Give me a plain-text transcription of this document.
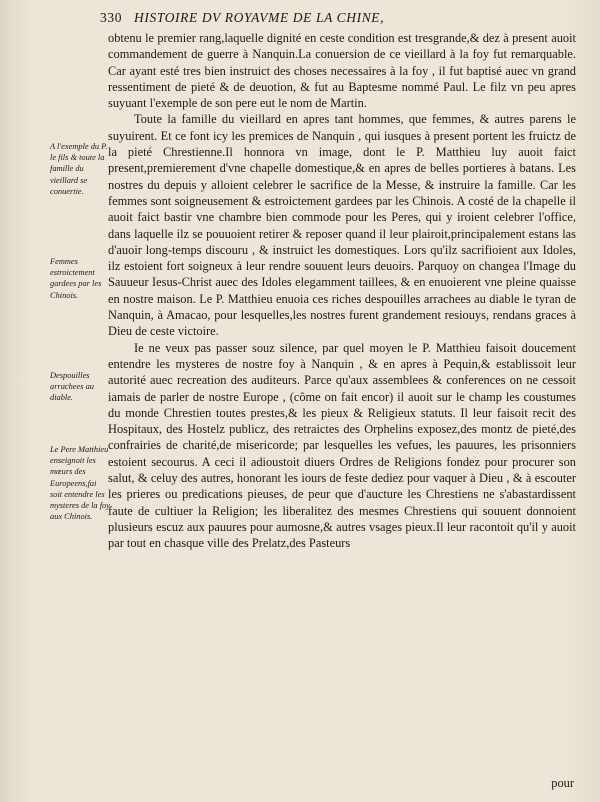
330 HISTOIRE DV ROYAVME DE LA CHINE,
A l'exemple du P. le fils & toute la famille du vieillard se conuertie.
Femmes estroictement gardees par les Chinois.
Despouilles arrachees au diable.
Le Pere Matthieu enseignoit les mœurs des Europeens,fai soit entendre les mysteres de la foy aux Chinois.

obtenu le premier rang,laquelle dignité en ceste condition est tresgrande,& dez à present auoit commandement de guerre à Nanquin.La conuersion de ce vieillard à la foy fut remarquable. Car ayant esté tres bien instruict des choses necessaires à la foy , il fut baptisé auec vn grand ressentiment de pieté & de deuotion, & fut au Baptesme nommé Paul. Le filz vn peu apres suyuant l'exemple de son pere eut le nom de Martin.

Toute la famille du vieillard en apres tant hommes, que femmes, & autres parens le suyuirent. Et ce font icy les premices de Nanquin , qui iusques à present portent les fruictz de la pieté Chrestienne.Il honnora vn image, dont le P. Matthieu luy auoit faict present,premierement d'vne chapelle domestique,& en apres de belles portieres à batans. Les nostres du depuis y alloient celebrer le sacrifice de la Messe, & instruire la famille. Car les femmes sont soigneusement & estroictement gardees par les Chinois. A costé de la chapelle il auoit faict bastir vne chambre bien commode pour les Peres, qui y iroient celebrer l'office, dans laquelle ilz se pouuoient retirer & reposer quand il leur plairoit,principalement estans las d'auoir long-temps discouru , & instruict les domestiques. Lors qu'ilz sacrifioient aux Idoles, ilz estoient fort soigneux à leur rendre souuent leurs deuoirs. Parquoy on changea l'Image du Sauueur Iesus-Christ auec des Idoles elegamment taillees, & en enuoierent vne pleine quaisse en nostre maison. Le P. Matthieu enuoia ces riches despouilles arrachees au diable le tyran de Nanquin, à Amacao, pour lesquelles,les nostres furent grandement resiouys, rendans graces à Dieu de ceste victoire.

Ie ne veux pas passer souz silence, par quel moyen le P. Matthieu faisoit doucement entendre les mysteres de nostre foy à Nanquin , & en apres à Pequin,& establissoit leur autorité auec recreation des auditeurs. Parce qu'aux assemblees & conferences on ne cessoit iamais de parler de nostre Europe , (côme on fait encor) il auoit sur le champ les coustumes du monde Chrestien toutes prestes,& les pieux & Religieux statuts. Il leur faisoit recit des Hospitaux, des Hostelz publicz, des retraictes des Orphelins exposez,des montz de pieté,des confrairies de charité,de misericorde; par lesquelles les vefues, les pauures, les prisonniers estoient secourus. A ceci il adioustoit diuers Ordres de Religions fondez pour procurer son salut, & celuy des autres, honorant les iours de feste dediez pour vaquer à Dieu , & à escouter les prieres ou predications pieuses, de peur que d'aucture les Chrestiens ne s'abastardissent faute de cultiuer la Religion; les liberalitez des mesmes Chrestiens qui souuent donnoient plusieurs escuz aux pauures pour aumosne,& autres vsages pieux.Il leur racontoit qu'il y auoit par tout en chasque ville des Prelatz,des Pasteurs

pour
